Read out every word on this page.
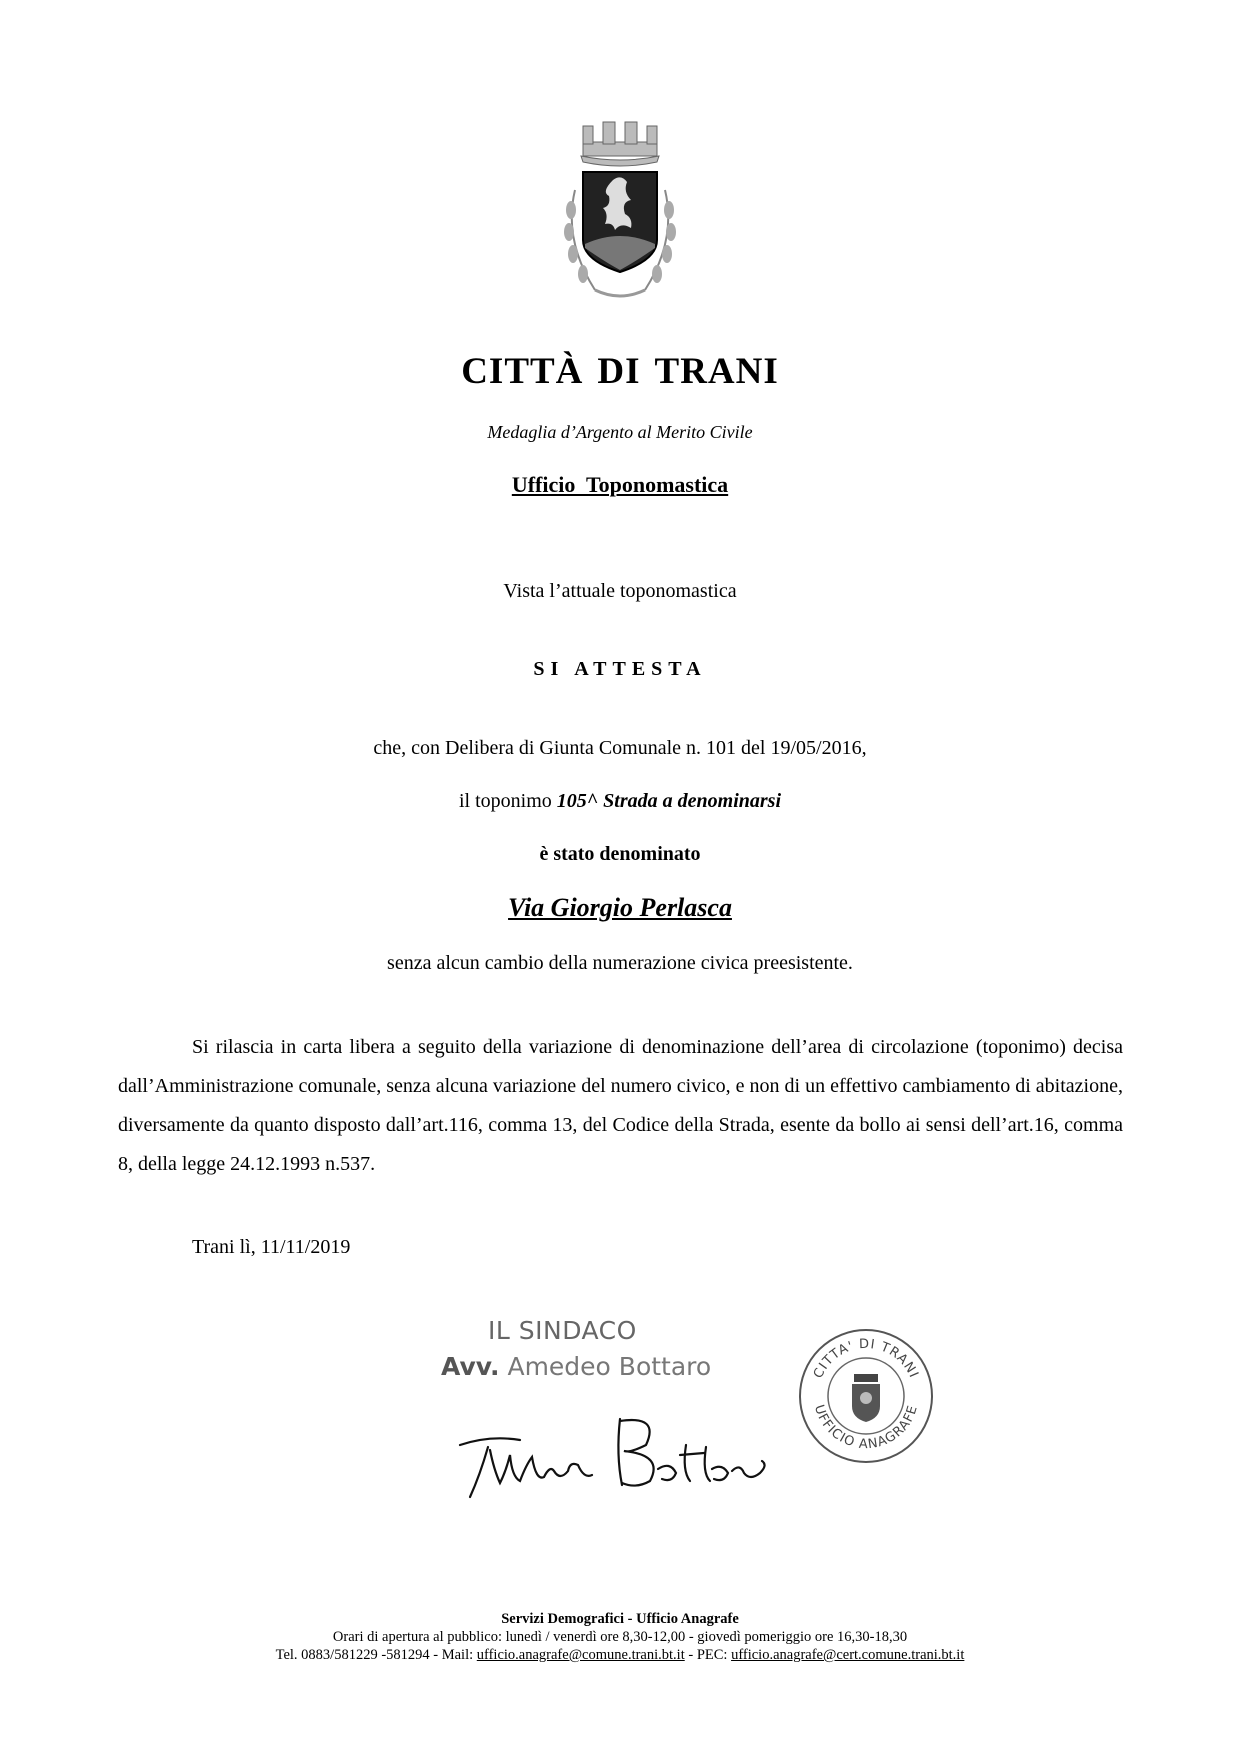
CITTÀ DI TRANI
Medaglia d’Argento al Merito Civile
Ufficio  Toponomastica
Vista l’attuale toponomastica
SI ATTESTA
che, con Delibera di Giunta Comunale n. 101 del 19/05/2016,
il toponimo 105^ Strada a denominarsi
è stato denominato
Via Giorgio Perlasca
senza alcun cambio della numerazione civica preesistente.
Si rilascia in carta libera a seguito della variazione di denominazione dell’area di circolazione (toponimo) decisa dall’Amministrazione comunale, senza alcuna variazione del numero civico, e non di un effettivo cambiamento di abitazione, diversamente da quanto disposto dall’art.116, comma 13, del Codice della Strada, esente da bollo ai sensi dell’art.16, comma 8, della legge 24.12.1993 n.537.
Trani lì, 11/11/2019
IL SINDACO
Avv. Amedeo Bottaro	CITTA' DI TRANI
UFFICIO ANAGRAFE
Servizi Demografici - Ufficio Anagrafe
Orari di apertura al pubblico: lunedì / venerdì ore 8,30-12,00 - giovedì pomeriggio ore 16,30-18,30
Tel. 0883/581229 -581294 - Mail: ufficio.anagrafe@comune.trani.bt.it - PEC: ufficio.anagrafe@cert.comune.trani.bt.it
